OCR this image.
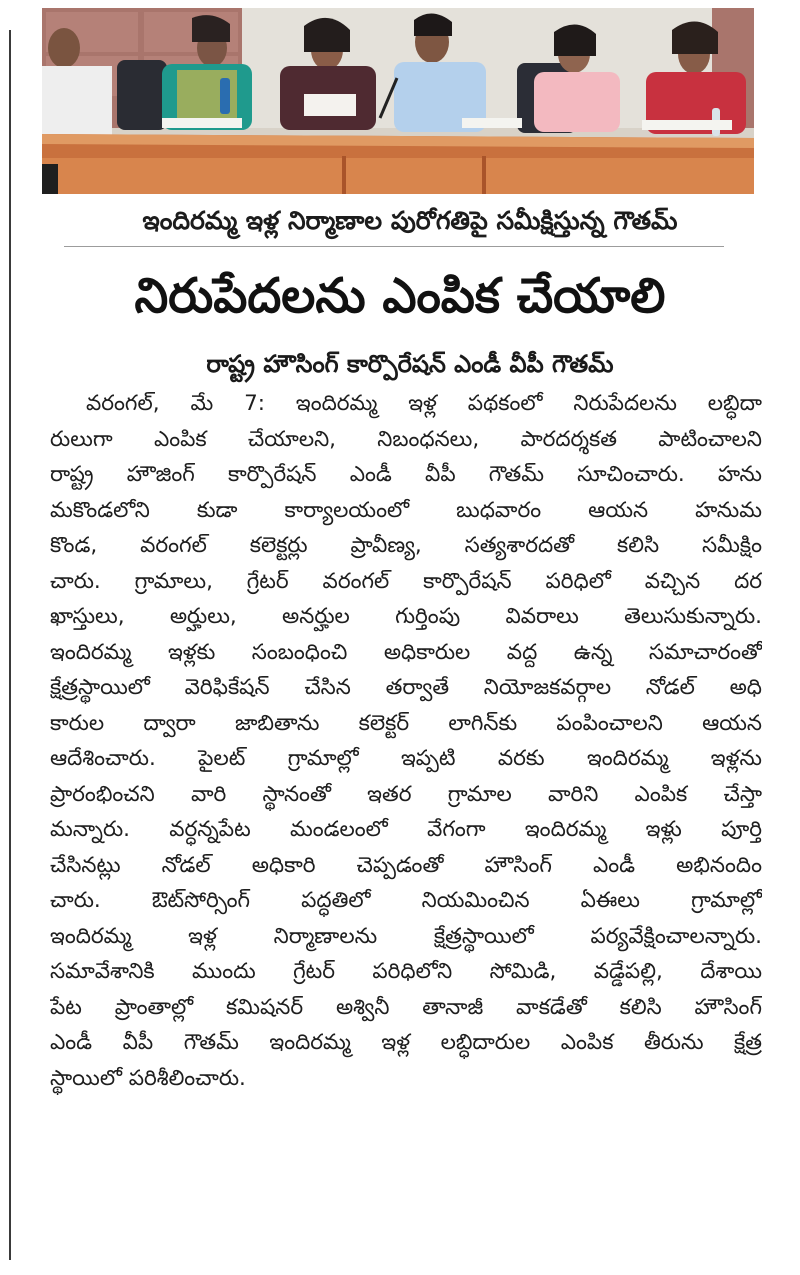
ఇందిరమ్మ ఇళ్ల నిర్మాణాల పురోగతిపై సమీక్షిస్తున్న గౌతమ్
నిరుపేదలను ఎంపిక చేయాలి
రాష్ట్ర హౌసింగ్ కార్పొరేషన్ ఎండీ వీపీ గౌతమ్
వరంగల్, మే 7: ఇందిరమ్మ ఇళ్ల పథకంలో నిరుపేదలను లబ్ధిదా
రులుగా ఎంపిక చేయాలని, నిబంధనలు, పారదర్శకత పాటించాలని
రాష్ట్ర హౌజింగ్ కార్పొరేషన్ ఎండీ వీపీ గౌతమ్ సూచించారు. హను
మకొండలోని కుడా కార్యాలయంలో బుధవారం ఆయన హనుమ
కొండ, వరంగల్ కలెక్టర్లు ప్రావీణ్య, సత్యశారదతో కలిసి సమీక్షిం
చారు. గ్రామాలు, గ్రేటర్ వరంగల్ కార్పొరేషన్ పరిధిలో వచ్చిన దర
ఖాస్తులు, అర్హులు, అనర్హుల గుర్తింపు వివరాలు తెలుసుకున్నారు.
ఇందిరమ్మ ఇళ్లకు సంబంధించి అధికారుల వద్ద ఉన్న సమాచారంతో
క్షేత్రస్థాయిలో వెరిఫికేషన్ చేసిన తర్వాతే నియోజకవర్గాల నోడల్ అధి
కారుల ద్వారా జాబితాను కలెక్టర్ లాగిన్‌కు పంపించాలని ఆయన
ఆదేశించారు. పైలట్ గ్రామాల్లో ఇప్పటి వరకు ఇందిరమ్మ ఇళ్లను
ప్రారంభించని వారి స్థానంతో ఇతర గ్రామాల వారిని ఎంపిక చేస్తా
మన్నారు. వర్ధన్నపేట మండలంలో వేగంగా ఇందిరమ్మ ఇళ్లు పూర్తి
చేసినట్లు నోడల్ అధికారి చెప్పడంతో హౌసింగ్ ఎండీ అభినందిం
చారు. ఔట్‌సోర్సింగ్ పద్ధతిలో నియమించిన ఏఈలు గ్రామాల్లో
ఇందిరమ్మ ఇళ్ల నిర్మాణాలను క్షేత్రస్థాయిలో పర్యవేక్షించాలన్నారు.
సమావేశానికి ముందు గ్రేటర్ పరిధిలోని సోమిడి, వడ్డేపల్లి, దేశాయి
పేట ప్రాంతాల్లో కమిషనర్ అశ్వినీ తానాజీ వాకడేతో కలిసి హౌసింగ్
ఎండీ వీపీ గౌతమ్ ఇందిరమ్మ ఇళ్ల లబ్ధిదారుల ఎంపిక తీరును క్షేత్ర
స్థాయిలో పరిశీలించారు.
